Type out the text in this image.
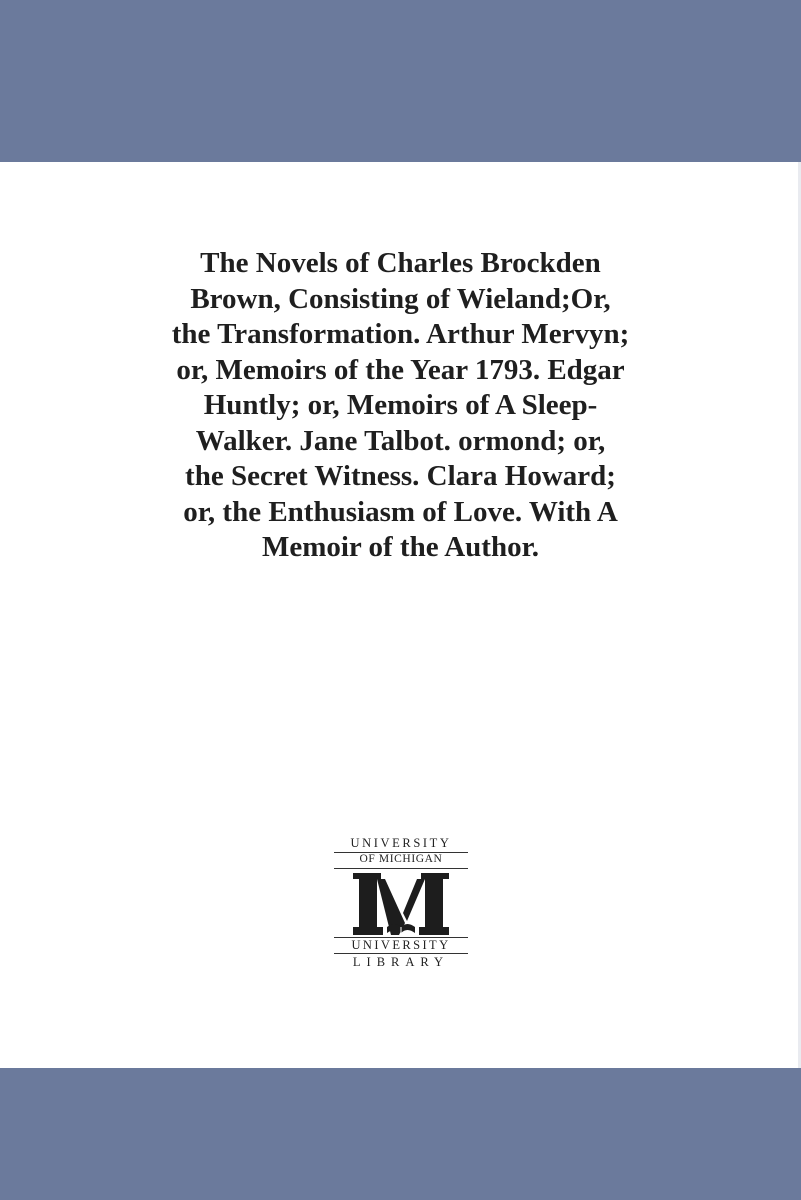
The Novels of Charles Brockden
Brown, Consisting of Wieland;Or,
the Transformation. Arthur Mervyn;
or, Memoirs of the Year 1793. Edgar
Huntly; or, Memoirs of A Sleep-
Walker. Jane Talbot. ormond; or,
the Secret Witness. Clara Howard;
or, the Enthusiasm of Love. With A
Memoir of the Author.
UNIVERSITY
OF MICHIGAN
UNIVERSITY
LIBRARY
